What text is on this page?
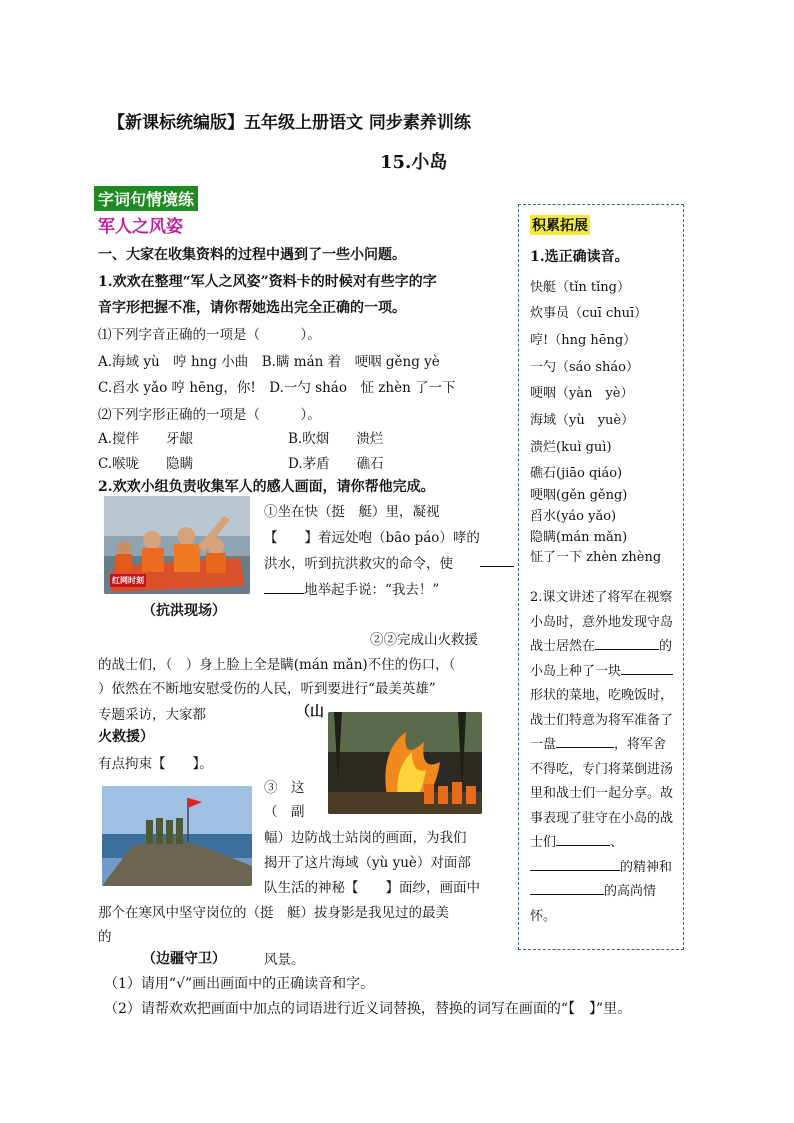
【新课标统编版】五年级上册语文 同步素养训练
15.小岛
字词句情境练
军人之风姿
一、大家在收集资料的过程中遇到了一些小问题。
1.欢欢在整理“军人之风姿”资料卡的时候对有些字的字
音字形把握不准，请你帮她选出完全正确的一项。
⑴下列字音正确的一项是（　　　）。
A.海域 yù　哼 hng 小曲　B.瞒 mán 着　哽咽 gěng yè
C.舀水 yǎo 哼 hēng，你!　D.一勺 sháo　怔 zhèn 了一下
⑵下列字形正确的一项是（　　　）。
A.搅伴　　牙龈	B.吹烟　　溃烂
C.喉咙　　隐瞒	D.茅盾　　礁石
2.欢欢小组负责收集军人的感人画面，请你帮他完成。
红网时刻
（抗洪现场）
①坐在快（挺　艇）里，凝视
【　　】着远处咆（bāo páo）哮的
洪水，听到抗洪救灾的命令，使
地举起手说：“我去！”
②②完成山火救援
的战士们，（　）身上脸上全是瞒(mán mǎn)不住的伤口，（
）依然在不断地安慰受伤的人民，听到要进行“最美英雄”
专题采访，大家都	（山
火救援）
有点拘束【　　】。
③　这
（　副
幅）边防战士站岗的画面，为我们
揭开了这片海域（yù yuè）对面部
队生活的神秘【　　】面纱，画面中
那个在寒风中坚守岗位的（挺　艇）拔身影是我见过的最美
的
（边疆守卫）	风景。
（1）请用“√”画出画面中的正确读音和字。
（2）请帮欢欢把画面中加点的词语进行近义词替换，替换的词写在画面的“【　】”里。
积累拓展
1.选正确读音。
快艇（tǐn tǐng）
炊事员（cuī chuī）
哼!（hng hēng）
一勺（sáo sháo）
哽咽（yàn　yè）
海域（yù　yuè）
溃烂(kuì guì)
礁石(jiāo qiáo)
哽咽(gěn gěng)
舀水(yáo yǎo)
隐瞒(mán mǎn)
怔了一下 zhèn zhèng
2.课文讲述了将军在视察小岛时，意外地发现守岛战士居然在	的小岛上种了一块形状的菜地，吃晚饭时，战士们特意为将军准备了一盘	，将军舍不得吃，专门将菜倒进汤里和战士们一起分享。故事表现了驻守在小岛的战士们	、的精神和的高尚情怀。
